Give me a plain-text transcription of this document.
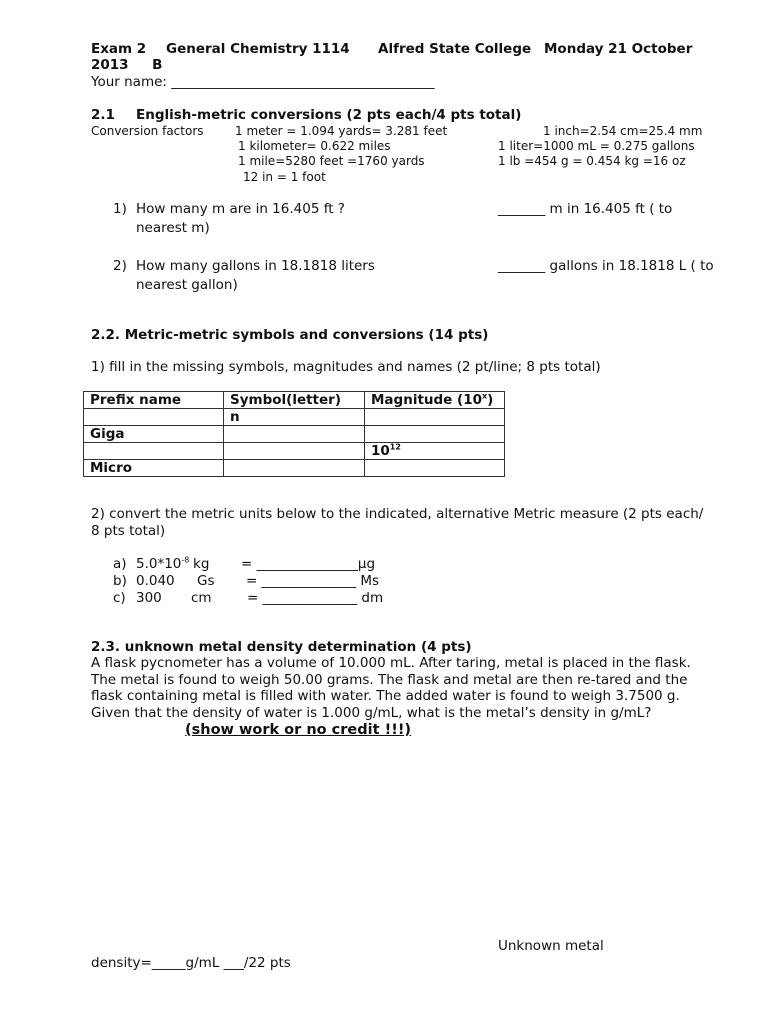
Exam 2 General Chemistry 1114 Alfred State College Monday 21 October
2013     B
Your name: _______________________________________
2.1 English-metric conversions (2 pts each/4 pts total)
Conversion factors	1 meter = 1.094 yards= 3.281 feet
1 kilometer= 0.622 miles
1 mile=5280 feet =1760 yards
12 in = 1 foot
1 inch=2.54 cm=25.4 mm
1 liter=1000 mL = 0.275 gallons
1 lb =454 g = 0.454 kg =16 oz
1) How many m are in 16.405 ft ?
nearest m)
_______ m in 16.405 ft ( to
2) How many gallons in 18.1818 liters
nearest gallon)
_______ gallons in 18.1818 L ( to
2.2. Metric-metric symbols and conversions (14 pts)
1) fill in the missing symbols, magnitudes and names (2 pt/line; 8 pts total)
Prefix name	Symbol(letter)	Magnitude (10$^x$)
	n	
Giga		
		$10^{12}$
Micro		
2) convert the metric units below to the indicated, alternative Metric measure (2 pts each/
8 pts total)
a) $5.0*10^{-8}$ kg = _______________μg
b) 0.040 Gs = ______________ Ms
c) 300 cm	= ______________ dm
2.3. unknown metal density determination (4 pts)
A flask pycnometer has a volume of 10.000 mL. After taring, metal is placed in the flask.
The metal is found to weigh 50.00 grams. The flask and metal are then re-tared and the
flask containing metal is filled with water. The added water is found to weigh 3.7500 g.
Given that the density of water is 1.000 g/mL, what is the metal’s density in g/mL?
(show work or no credit !!!)
Unknown metal
density=_____g/mL ___/22 pts
